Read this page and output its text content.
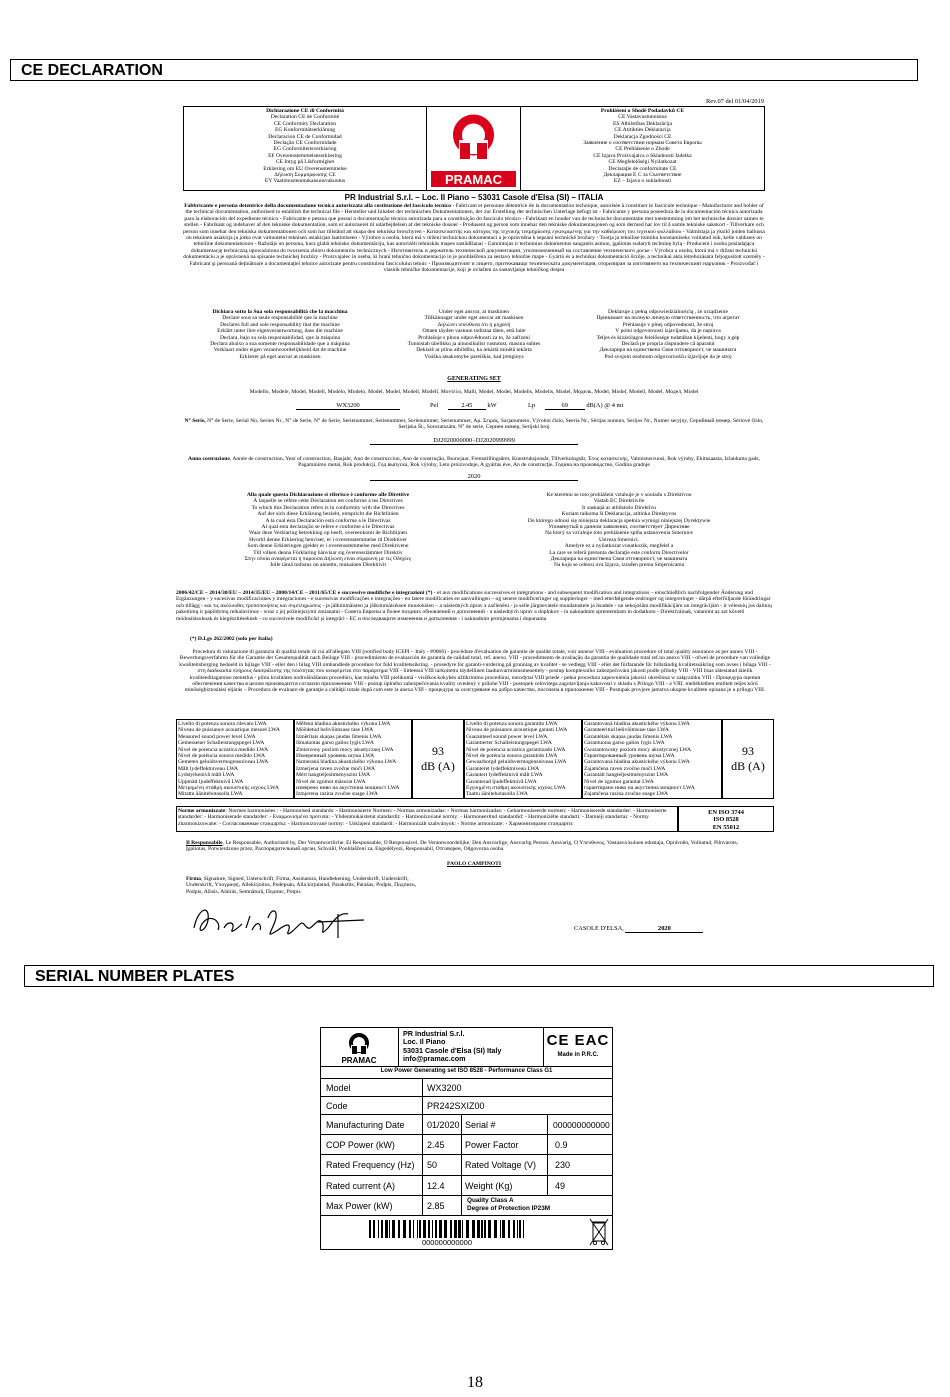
CE DECLARATION
SERIAL NUMBER PLATES
Rev.07 del 01/04/2019
Dichiarazione CE di Conformità
Declaration CE de Conformité
CE Conformity Declaration
EG Konformitätserklärung
Declaracion CE de Conformidad
Declação CE Conformidade
EG Conformiteitsverklaring
EF Overensstemmelseserklæring
CE Intyg på Likformighet
Erklæring om EU Overensstemmelse
Δήλωση Συμμόρφωσης CE
EY Vaatimustenmukaisuusvakuutus	PRAMAC
Prohlášení o Shodě Podadavků CE
CE Vastavustunnistus
ES Atbilstības Deklarācija
CE Atitikties Deklaracija
Deklaracja Zgodności CE
Заявление о соответствии нормам Совета Европы
CE Prehlásenie o Zhode
CE Izjava Proizvajalca o Skladnosti Izdelka
CE Megfelelőségi Nyilatkozat
Declaraţie de conformitate CE
Декларация Е С за Съответствие
EZ – Izjava o sukladnosti
PR Industrial S.r.l. – Loc. Il Piano – 53031 Casole d'Elsa (SI) – ITALIA
Fabbricante e persona detentrice della documentazione tecnica autorizzata alla costituzione del fascicolo tecnico - Fabricant et personne détentrice de la documentation technique, autorisée à constituer le fascicule technique - Manufacturer and holder of the technical documentation, authorised to establish the technical file - Hersteller und Inhaber der technischen Dokumentationen, der zur Erstellung der technischen Unterlage befugt ist - Fabricante y persona poseedora de la documentación técnica autorizada para la elaboración del expediente técnico - Fabricante e pessoa que possui a documentação técnica autorizada para a constituição do fascículo técnico - Fabrikant en houder van de technische documentatie met toestemming om het technische dossier samen te stellen - Fabrikant og indehaver af den tekniske dokumentation, som er autoriseret til udarbejdelsen af det tekniske dossier - Produsent og person som innehar den tekniske dokumentasjonen og som dermed har lov til å samle tekniske sakskort - Tillverkare och person som innehar den tekniska dokumentationen och som har tillstånd att skapa den tekniska broschyren - Κατασκευαστής και κάτοχος της τεχνικής τεκμηρίωσης εγκεκριμένης για την καθιέρωση του τεχνικού φυλλαδίου - Valmistaja ja yksilö joiden hallussa on tekninen asiakirja ja jotka ovat valtuutetut teknisen asiakirjan laatimiseen - Výrobce a osoba, která má v držení technickou dokumentaci a je oprávněna k sepsání technické brožury - Tootja ja tehnilise toimiku koostamiseks volitatud isik, kelle valduses on tehniline dokumentatsioon - Ražotājs un persona, kura glabā tehnisko dokumentāciju, kas autorizēti tehniskās mapes sastādīšanai - Gamintojas ir techninius dokumentus saugantis asmuo, įgaliotas sudaryti techninę bylą - Producent i osoba posiadająca dokumentację techniczną upoważniona do tworzenia zbioru dokumentów technicznych - Изготовитель и держатель технической документации, уполномоченный на составление технического досье - Výrobca a osoba, ktorá má v držaní technickú dokumentáciu a je oprávnená na spísanie technickej brožúry - Proizvajalec in oseba, ki hrani tehnično dokumentacijo in je pooblaščena za sestavo tehnične mape - Gyártó és a technikai dokumentáció őrzője, a technikai akta létrehozására feljogosított személy - Fabricant şi persoană deţinătoare a documentaţiei tehnice autorizate pentru constituirea fascicolului tehnic - Производителят и лицето, притежаващо техническата документация, оторизиран за изготвянето на техническият наръчник - Proizvođač i vlasnik tehničke dokumentacije, koji je ovlašten za sastavljanje tehničkog dosjea
Dichiara sotto la Sua sola responsabilità che la macchina
Declare sous sa seule responsabilité que la machine
Declares full and sole responsability that the machine
Erklärt unter ihre eigenverantwortung, dass die machine
Declara, bajo su sola responsabilidad, que la máquina
Declara abaixo a sua somente responsabilidade que a máquina
Verklaart onder eigen verantwoordelijkheid dat de machine
Erklærer på eget ansvar at maskinen
Under eget ansvar, at maskinen
Tillkännager under eget ansvar att maskinen
Δηλώνει υπεύθυνα ότι η μηχανή
Ottaen täyden vastuun todistaa täten, että laite
Prohlašuje s plnou odpovědností za to, že zařízení
Tunnistab täielikku ja ainuisikulist vastutust, masina suhtes
Deklarē ar pilnu atbildību, ka iekārtā minētā iekārta
Visiška atsakomybe pareiškia, kad įrenginys
Deklaruje z pełną odpowiedzialnością , że urządzenie
Принимает на полную личную ответственность, что агрегат
Prehlasuje v plnej odpovednosti, že stroj
V polni odgovornosti izjavljamo, da je naprava
Teljes és kizárólagos felelőssége tudatában kijelenti, hogy a gép
Declară pe propria răspundere că aparatul
Декларира на единствена Своя отговорност, че машината
Pod svojom osobnom odgovornošću izjavljuje da je stroj
GENERATING SET
Modello, Modele, Model, Modell, Modelo, Modelo, Model, Model, Modell, Modell, Μοντέλο, Malli, Model, Model, Modelis, Modelis, Model, Модель, Model, Model, Modell, Model, Модел, Model
WX3200	Pel	2.45 kW	Lp	69	dB(A) @ 4 mt
N° Serie, N° de Serie, Serial No, Serien Nr., N° de Serie, N° de Serie, Serienummer, Serienummer, Serienummer, Serienummer, Αρ. Σειράς, Sarjanumero, Výrobní číslo, Seeria Nr., Sērijas numurs, Serijos Nr., Numer seryjny, Серийный номер, Sériové číslo, Serijska Št., Sorozatszám, N° de serie, Сериен номер, Serijski broj
DJ2020000000÷DJ2020999999
Anno costruzione, Année de construction, Year of construction, Baujahr, Ano de construccion, Ano de construção, Bouwjaar, Fremstillingsåret, Konstruksjonsår, Tillverkningsår, Έτος κατασκευής, Valmistusvuosi, Rok výroby, Ehitusaasta, Izlaiduma gads, Pagaminimo metai, Rok produkcji, Год выпуска, Rok výroby, Leto proizvodnje, A gyártás éve, An de construcţie, Година на производство, Godina gradnje
2020
Alla quale questa Dichiarazione si riferisce è conforme alle Direttive
À laquelle se réfère cette Déclaration est conforme à les Directives
To which this Declaration refers is in conformity with the Directives
Auf der sich diese Erklärung bezieht, entspricht die Richtlinien
A la cual ésta Declaración está conforme a le Directivas
Al qual esta declaração se refere e conforme a le Directivas
Waar deze Verklaring betrekking op heeft, overeenkomt de Richtlijnen
Hvortil denne Erklæring henviser, er i overensstemmelse til Direktiver
Som denne Erklæringen gjelder er i overensstemmelse med Direktivene
Till vilken denna Förklaring hänvisar sig överensstämmer Direktiv
Στην οποία αναφέρεται η παρούσα Δήλωση είναι σύμφωνη με τις Οδηγίες
Jolle tämä todistus on annettu, mukainen Direktiivit
Ke kterému se toto prohlášení vztahuje je v souladu s Direktivou
Vastab EC Direktiivile
Ir saskaņā ar atbilstošo Direktīvu
Kuriam taikoma ši Deklaracija, atitinka Direktyvos
Do którego odnosi się niniejsza deklaracja spełnia wymogi niniejszej Dyrektywie
Упомянутый в данном заявлении, соответствует Директиве
Na ktorý sa vzťahuje toto prehlásenie splňa ustanovenia Smernice
Ustreza Smernici.
Amelyre ez a nyilatkozat vonatkozik, megfelel a
La care se referă prezenta declaraţie este conform Directivelor
Декларира на единствена Своя отговорност, че машината
Na koju se odnosi ova Izjava, izrađen prema Smjernicama
2006/42/CE – 2014/30/EU – 2014/35/EU – 2000/14/CE – 2011/65/CE e successive modifiche e integrazioni (*) - et aux modifications successives et intégrations - and subsequent modification and integrations – einschließlich nachfolgender Änderung und Ergänzungen - y sucesivas modificaciones y integraciones - e sucessivas modificações e integrações - en latere modificaties en aanvullingen – og senere modificeringer og suppleringer – med etterfølgende endringer og integreringer - därpå efterföljande förändringar och tillägg - και τις ακόλουθες τροποποιήσεις και συμπληρώσεις - ja jälkimmäisten ja jälkimmäisiksen muutoksien – a následných úprav a začlenění - ja selle järgnevatele muudatustele ja lisadele - un sekojošām modifikācijām un integrācijām - ir vėlesnių jos dalinių pakeitimų ir papildymų reikalavimus - wraz z jej późniejszymi zmianami - Совета Европы и более поздних обновлений и дополнений - a následných úprav a doplnkov - in naknadnim spremembam in dodatkom - Direktíváinak, valamint az azt követő módosításoknak és kiegészítéseknek - cu succesivele modificări şi integrări - ЕС и последващите изменения и допълнения - i naknadnim promjenama i dopunama
(*) D.Lgs 262/2002 (solo per Italia)
Procedura di valutazione di garanzia di qualità totale di cui all'allegato VIII (notified body ICEPI – Italy - #0066) - procédure d'évaluation de garantie de qualité totale, voir annexe VIII - evaluation procedure of total quality assurance as per annex VIII - Bewertungsverfahren für die Garantie der Gesamtqualität nach Beilage VIII - procedimiento de evaluación de garantía de calidad total, ref. anexo. VIII - procedimento de avaliação da garantia de qualidade total ref.no anexo VIII - ofwel de procedure van volledige kwaliteitsborging bedoeld in bijlage VIII - eller den i bilag VIII omhandlede procedure for fuld kvalitetssikring. - prosedyre for garanti-vurdering på grunnlag av kvalitet - se vedlegg VIII - eller det förfarande för fullständig kvalitetssäkring som avses i bilaga VIII - στη διαδικασία πλήρους διασφάλισης της ποιότητας που αναφέρεται στο παράρτημα VIII - liitteessä VIII tarkoitettu täydellinen laadunvarmistusmenettely - postup komplexního zabezpečování jakosti podle přílohy VIII - VIII lisas sätestatud täielik kvaliteeditagamise menetlus - pilnu kvalitātes nodrošināšanas procedūru, kas minēta VIII pielikumā - visiškos kokybės užtikrinimo procedūrai, nurodytai VIII priede - pełna procedura zapewnienia jakości określona w załączniku VIII - Процедура оценки обеспечения качества в целом производится согласно приложению VIII - postup úplného zabezpečovania kvality uvedený v prílohe VIII - postopek celovitega zagotavljanja kakovosti v skladu s Prilogo VIII - a VIII. mellékletben említett teljes körű minőségbiztosítási eljárás – Procedura de evaluare de garanţie a calităţii totale după cum este la anexa VIII - процедура за осигуряване на добро качество, посочена в приложение VIII - Postupak provjere jamstva ukupne kvalitete opisana je u prilogu VIII.
Livello di potenza sonora rilevato LWA
Niveau de puissance acoustique mesuré LWA
Measured sound power level LWA
Gemessener Schalleistungspegel LWA
Nivel de potencia acústica medido LWA
Nível de potência sonora medido LWA
Gemeten geluidsvermogensniveau LWA
Målt lydeffektniveau LWA
Lydstyrkenivå målt LWA
Uppmätt ljudeffektnivå LWA
Μετρημένη στάθμη ακουστικής ισχύος LWA
Mitattu äänitehotasolla LWA
Měřená hladina akustického výkonu LWA
Mõõdetud helivõimsuse tase LWA
Izmērītais skaņas jaudas līmenis LWA
Išmatuotas garso galios lygis LWA
Zmierzony poziom mocy akustycznej LWA
Измеренный уровень шума LWA
Nameraná hladina akustického výkonu LWA
Izmerjena raven zvočne moči LWA
Mért hangteljesítményszint LWA
Nivel de zgomot măsurat LWA
измерено ниво на акустична мощност LWA
Izmjerena razina zvučne snage LWA
93
dB (A)
Livello di potenza sonora garantito LWA
Niveau de puissance acoustique garanti LWA
Guaranteed sound power level LWA
Garantierter Schalleistungspegel LWA
Nivel de potencia acústica garantizado LWA
Nível de potência sonora garantido LWA
Gewaarborgd geluidsvermogensniveau LWA
Garanteret lydeffektniveau LWA
Garantert lydeffektnivå målt LWA
Garanterad ljudeffektnivå LWA
Εγγυημένη στάθμη ακουστικής ισχύος LWA
Taattu äänitehotasolla LWA
Garantovaná hladina akustického výkonu LWA
Garanteeritud helivõimsuse tase LWA
Garantētais skaņas jaudas līmenis LWA
Garantuotas garso galios lygis LWA
Gwarantowany poziom mocy akustycznej LWA
Гарантированный уровень шума LWA
Garantovaná hladina akustického výkonu LWA
Zajamčena raven zvočne moči LWA
Garantált hangteljesítményszint LWA
Nivel de zgomot garantat LWA
гарантирано ниво на акустична мощност LWA
Zajamčena razina zvučne snage LWA
93
dB (A)
Norme armonizzate: Normes harmonisées : - Harmonised standards: - Harmonisierte Normen: - Normas armonizadas: - Normas harmonizadas: - Geharmoniseerde normen: - Harmoniserede standarder: - Harmoniserte standarder: - Harmoniserade standarder: - Εναρμονισμένα πρότυπα: - Yhdenmukaistetut standardit: - Harmonizované normy: - Harmoneeritud standardid: - Harmonizētie standarti: - Darnieji standartai: - Normy zharmonizowane: - Согласованные стандарты: - Harmonizované normy: - Usklajeni standardi: - Harmonizált szabványok: - Norme armonizate: - Хармонизирани стандарти:
EN ISO 3744
ISO 8528
EN 55012
Il Responsabile, Le Responsable, Authorized by, Der Verantwortliche, El Responsable, O Responsável, De Verantwoordelijke, Den Ansvarlige, Ansvarlig Person, Ansvarig, Ο Υπεύθυνος, Vastaava kuluen edustaja, Oprávněn, Volitatud, Pilnvarots, Įgaliotas, Potwierdzone przez, Распорядительный орган, Schválil, Pooblaščeni za, Engedélyezi, Responsabil, Отговорен, Odgovorna osoba
PAOLO CAMPINOTI
Firma, Signature, Signed, Unterschrift, Firma, Assinatura, Handtekening, Underskrift, Underskrift, Underskrift, Υπογραφή, Allekirjoitus, Podepsán, Alla kirjutatud, Parakstīts, Parašas, Podpis, Подпись, Podpis, Ažisis, Aláírás, Semnătură, Подпис, Potpis
CASOLE D'ELSA,	2020
PRAMAC
PR Industrial S.r.l.
Loc. Il Piano
53031 Casole d'Elsa (SI) Italy
info@pramac.com
CE EAC
Made in P.R.C.
Low Power Generating set ISO 8528 - Performance Class G1
Model	WX3200
Code	PR242SXIZ00
Manufacturing Date 01/2020 Serial #	000000000000
COP Power (kW)	2.45 Power Factor	0.9
Rated Frequency (Hz) 50	Rated Voltage (V) 230
Rated current (A)	12.4 Weight (Kg)	49
Max Power (kW)	2.85
Quality Class A
Degree of Protection IP23M
000000000000
18
